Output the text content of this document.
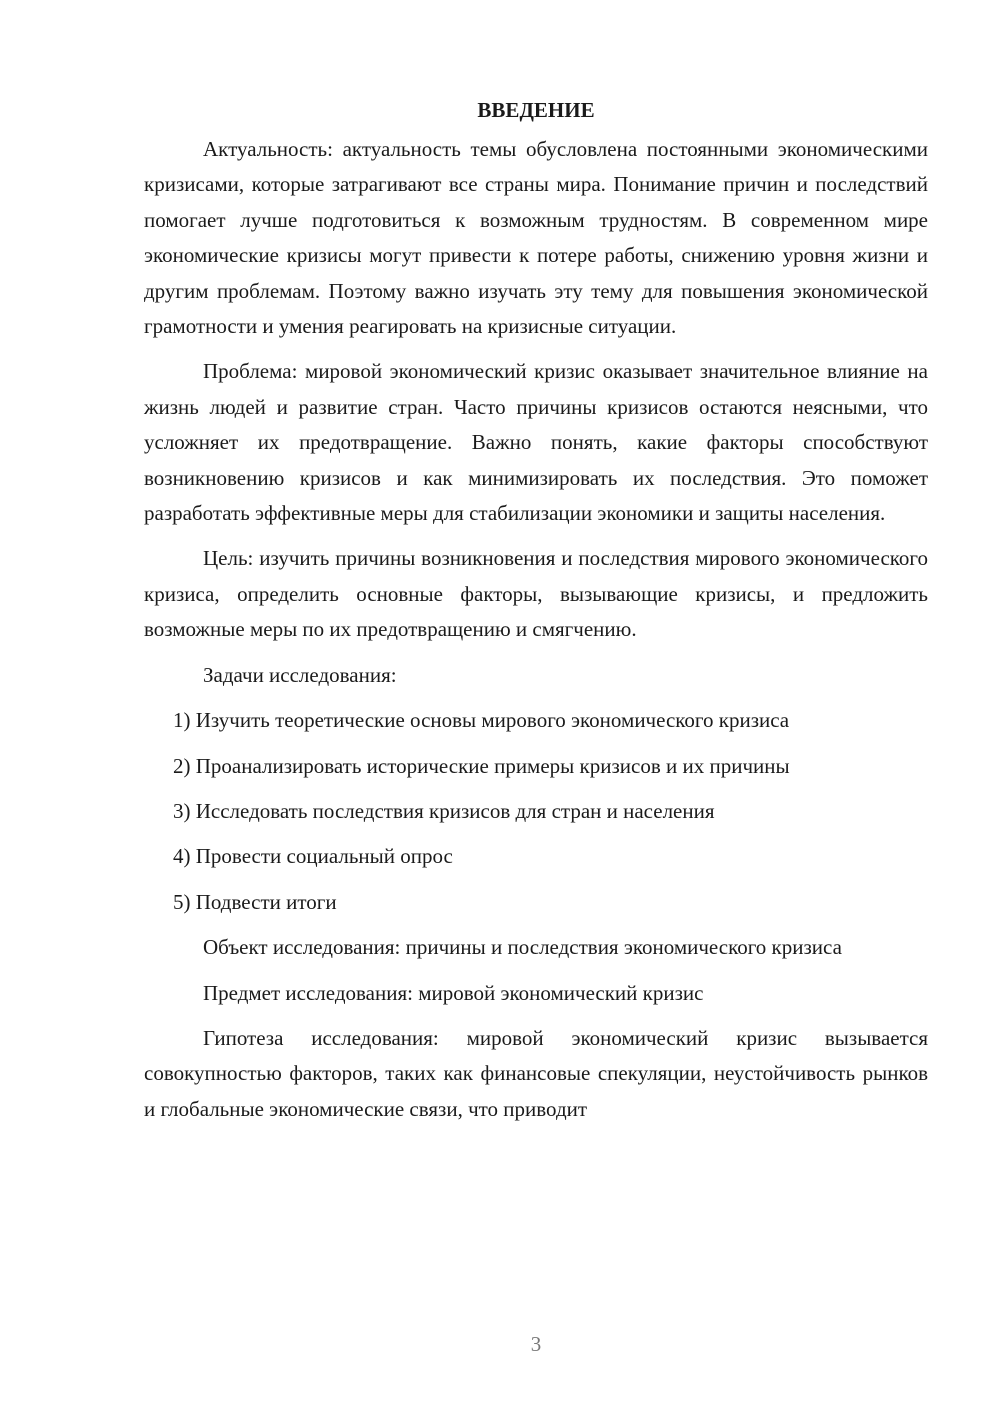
ВВЕДЕНИЕ

Актуальность: актуальность темы обусловлена постоянными экономическими кризисами, которые затрагивают все страны мира. Понимание причин и последствий помогает лучше подготовиться к возможным трудностям. В современном мире экономические кризисы могут привести к потере работы, снижению уровня жизни и другим проблемам. Поэтому важно изучать эту тему для повышения экономической грамотности и умения реагировать на кризисные ситуации.

Проблема: мировой экономический кризис оказывает значительное влияние на жизнь людей и развитие стран. Часто причины кризисов остаются неясными, что усложняет их предотвращение. Важно понять, какие факторы способствуют возникновению кризисов и как минимизировать их последствия. Это поможет разработать эффективные меры для стабилизации экономики и защиты населения.

Цель: изучить причины возникновения и последствия мирового экономического кризиса, определить основные факторы, вызывающие кризисы, и предложить возможные меры по их предотвращению и смягчению.

Задачи исследования:

1) Изучить теоретические основы мирового экономического кризиса
2) Проанализировать исторические примеры кризисов и их причины
3) Исследовать последствия кризисов для стран и населения
4) Провести социальный опрос
5) Подвести итоги

Объект исследования: причины и последствия экономического кризиса

Предмет исследования: мировой экономический кризис

Гипотеза исследования: мировой экономический кризис вызывается совокупностью факторов, таких как финансовые спекуляции, неустойчивость рынков и глобальные экономические связи, что приводит

3
